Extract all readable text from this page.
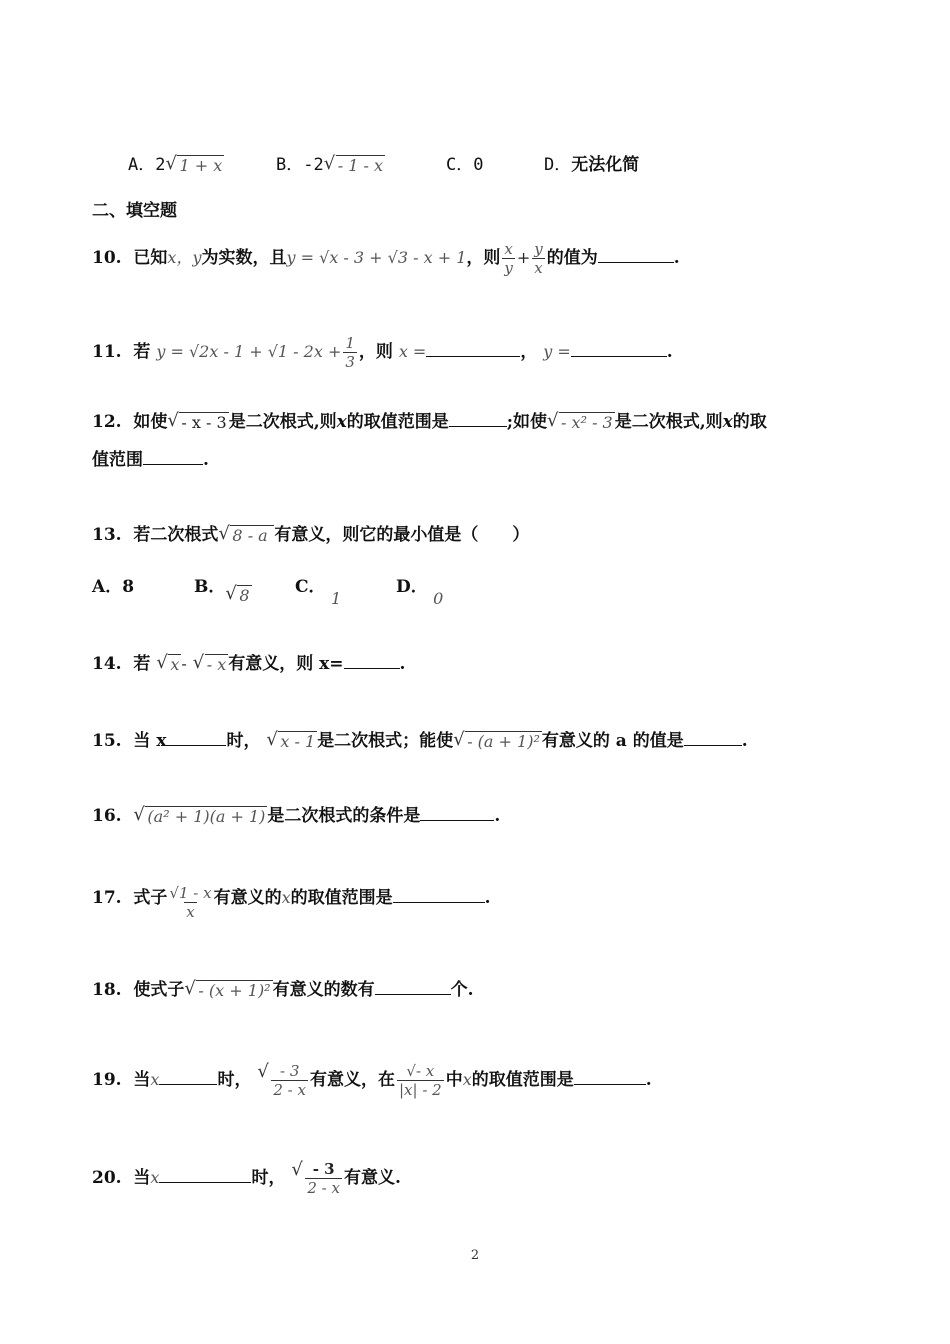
A．2 √ 1 + x	B．-2 √ - 1 - x	C．0	D．无法化简
二、填空题
10. 已知x，y为实数，且y = √x - 3 + √3 - x + 1，则 $\frac{x}{y} + \frac{y}{x}$ 的值为	.
11. 若 $y = √2x - 1 + √1 - 2x + \frac{1}{3}$ ，则 x =	， y =	.
12. 如使 √ - x - 3 是二次根式,则x的取值范围是	;如使 √ - x² - 3 是二次根式,则x的取
值范围	.
13. 若二次根式 √ 8 - a 有意义，则它的最小值是（　　）
A．8	B． √ 8	C． 1
D． 0
14. 若 √ x - √ - x 有意义，则 x=	.
15. 当 x	时， √ x - 1 是二次根式；能使 √ - (a + 1)² 有意义的 a 的值是	.
16. √ (a² + 1)(a + 1) 是二次根式的条件是	.
17. 式子 $\frac{√1 - x}{x}$ 有意义的x的取值范围是	.
18. 使式子 √ - (x + 1)² 有意义的数有	个.
19. 当x	时， √ $\frac{- 3}{2 - x}$ 有意义，在 $\frac{√- x}{|x| - 2}$ 中x的取值范围是	.
20. 当x	时， √ $\frac{- 3}{2 - x}$ 有意义.
2
